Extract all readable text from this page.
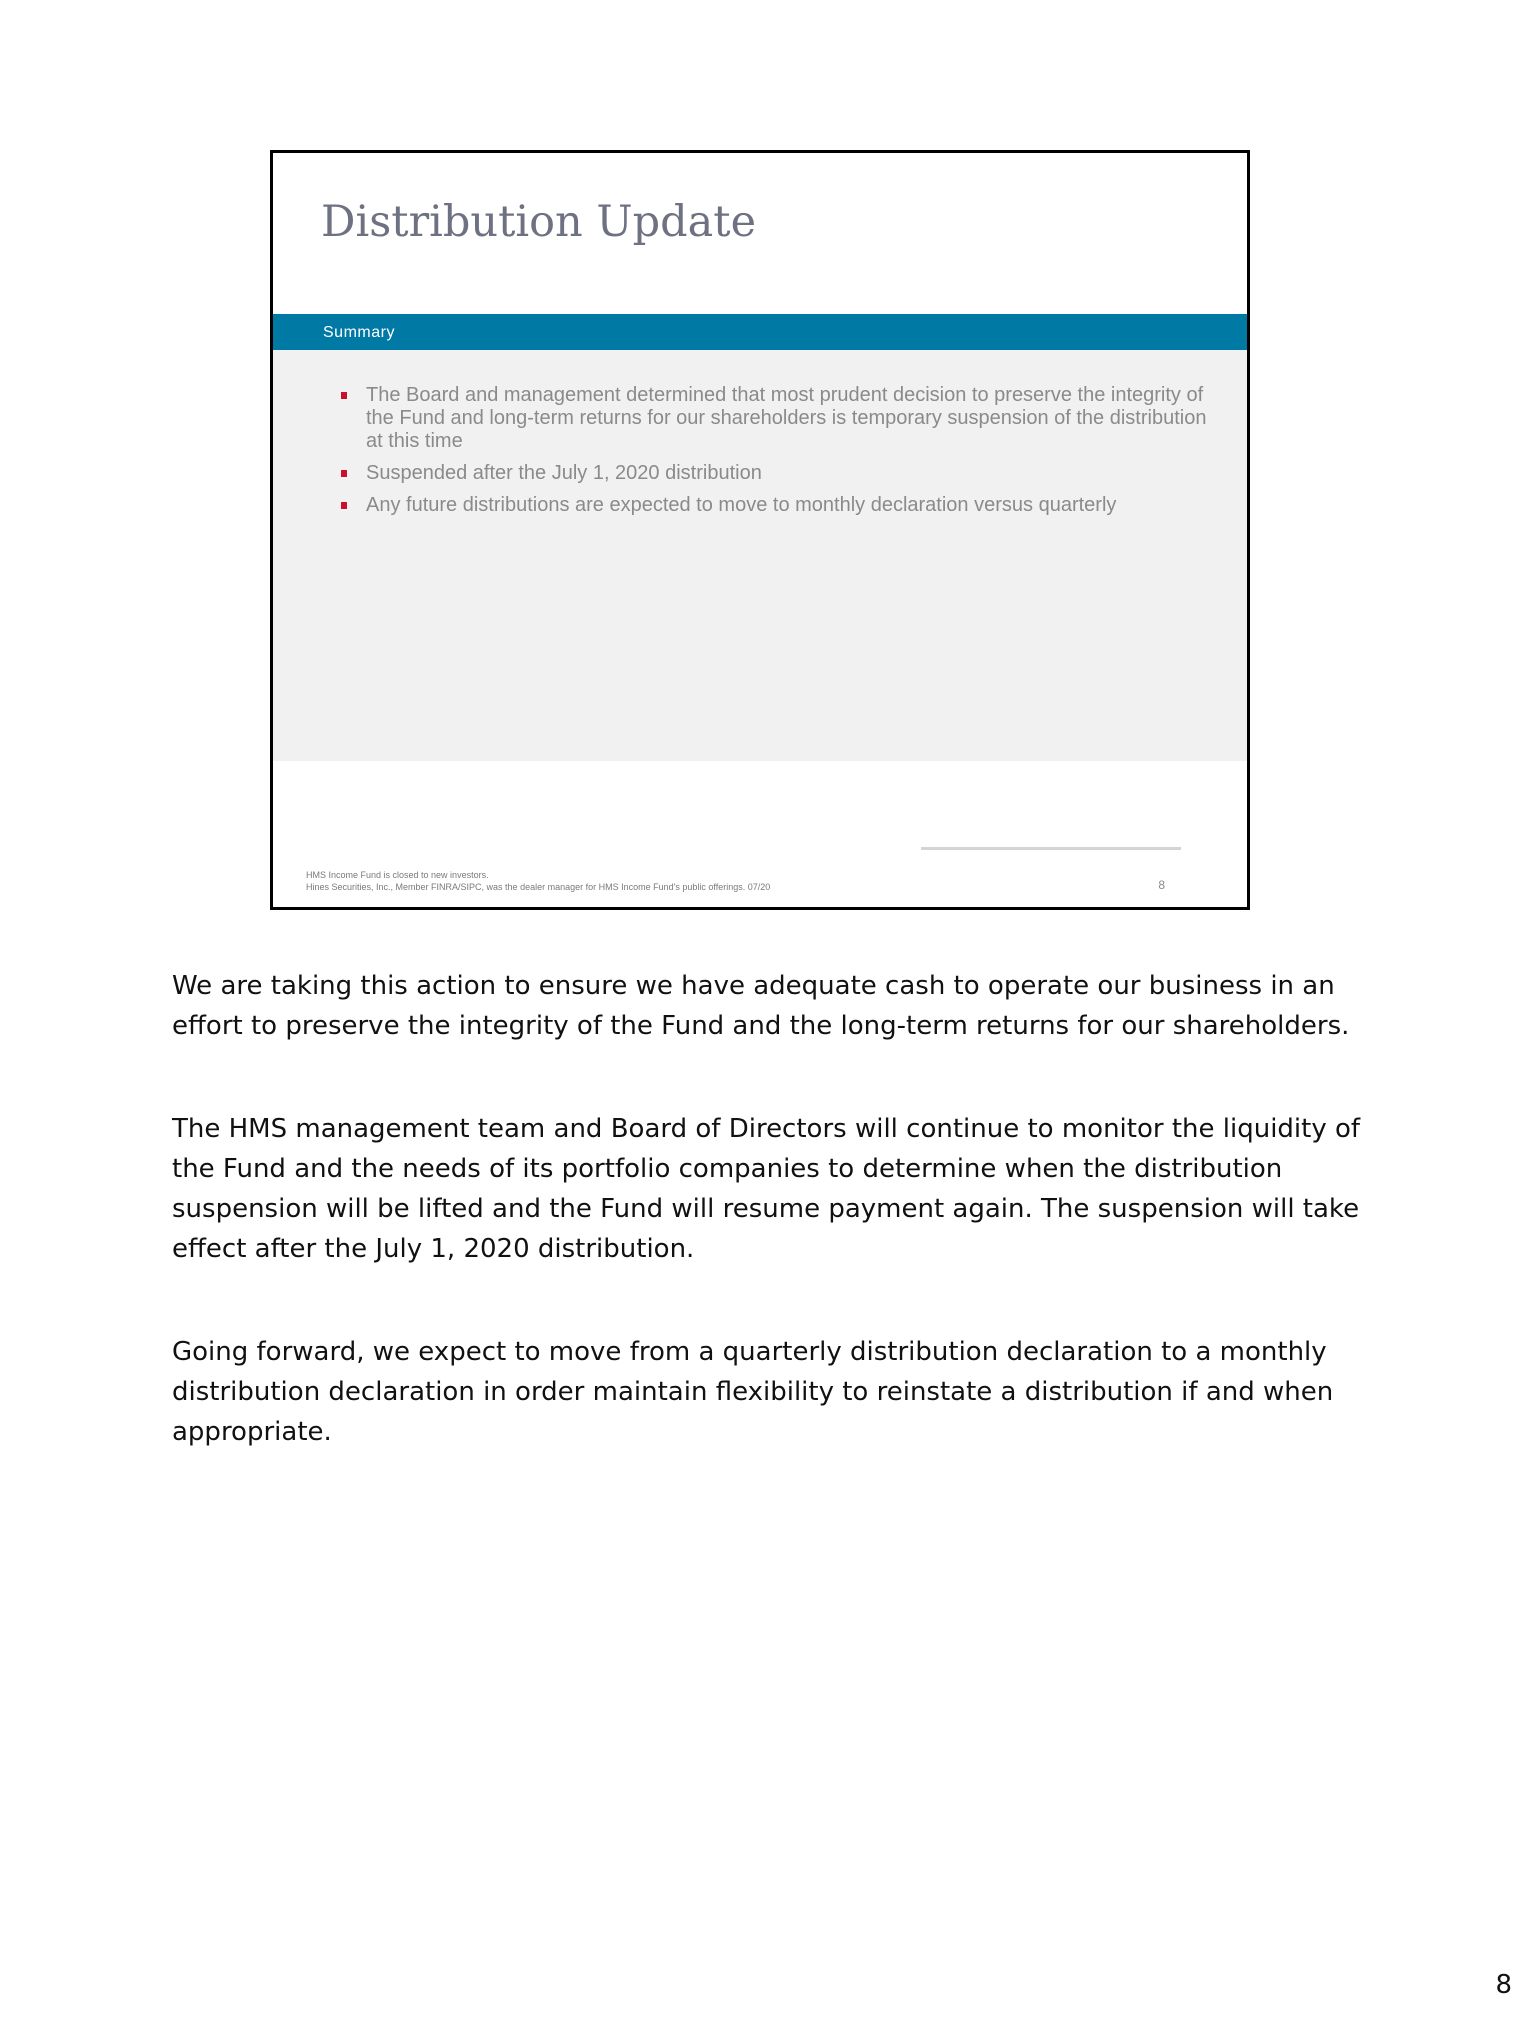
Distribution Update
Summary
The Board and management determined that most prudent decision to preserve the integrity of the Fund and long-term returns for our shareholders is temporary suspension of the distribution at this time
Suspended after the July 1, 2020 distribution
Any future distributions are expected to move to monthly declaration versus quarterly
HMS Income Fund is closed to new investors.
Hines Securities, Inc., Member FINRA/SIPC, was the dealer manager for HMS Income Fund's public offerings. 07/20	8

We are taking this action to ensure we have adequate cash to operate our business in an effort to preserve the integrity of the Fund and the long-term returns for our shareholders.

The HMS management team and Board of Directors will continue to monitor the liquidity of the Fund and the needs of its portfolio companies to determine when the distribution suspension will be lifted and the Fund will resume payment again. The suspension will take effect after the July 1, 2020 distribution.

Going forward, we expect to move from a quarterly distribution declaration to a monthly distribution declaration in order maintain flexibility to reinstate a distribution if and when appropriate.

8
